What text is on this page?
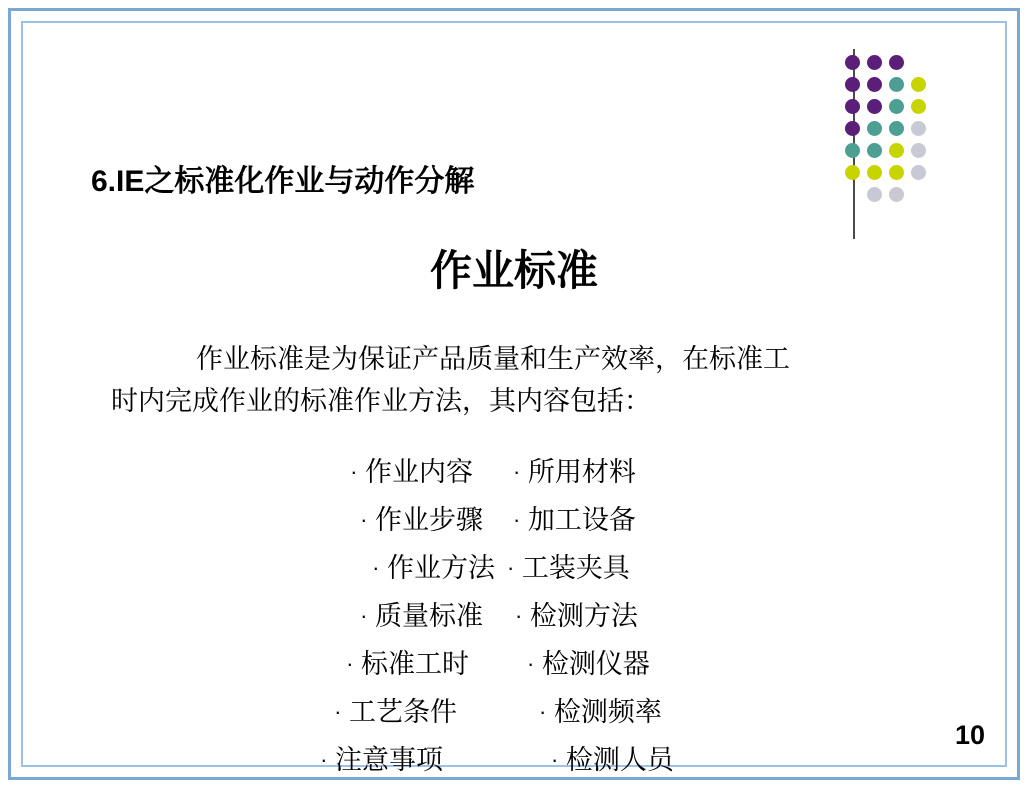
6.IE之标准化作业与动作分解
作业标准
作业标准是为保证产品质量和生产效率，在标准工
时内完成作业的标准作业方法，其内容包括：
· 作业内容
· 作业步骤
· 作业方法
· 质量标准
· 标准工时
· 工艺条件
· 注意事项
· 所用材料
· 加工设备
· 工装夹具
· 检测方法
· 检测仪器
· 检测频率
· 检测人员
10
